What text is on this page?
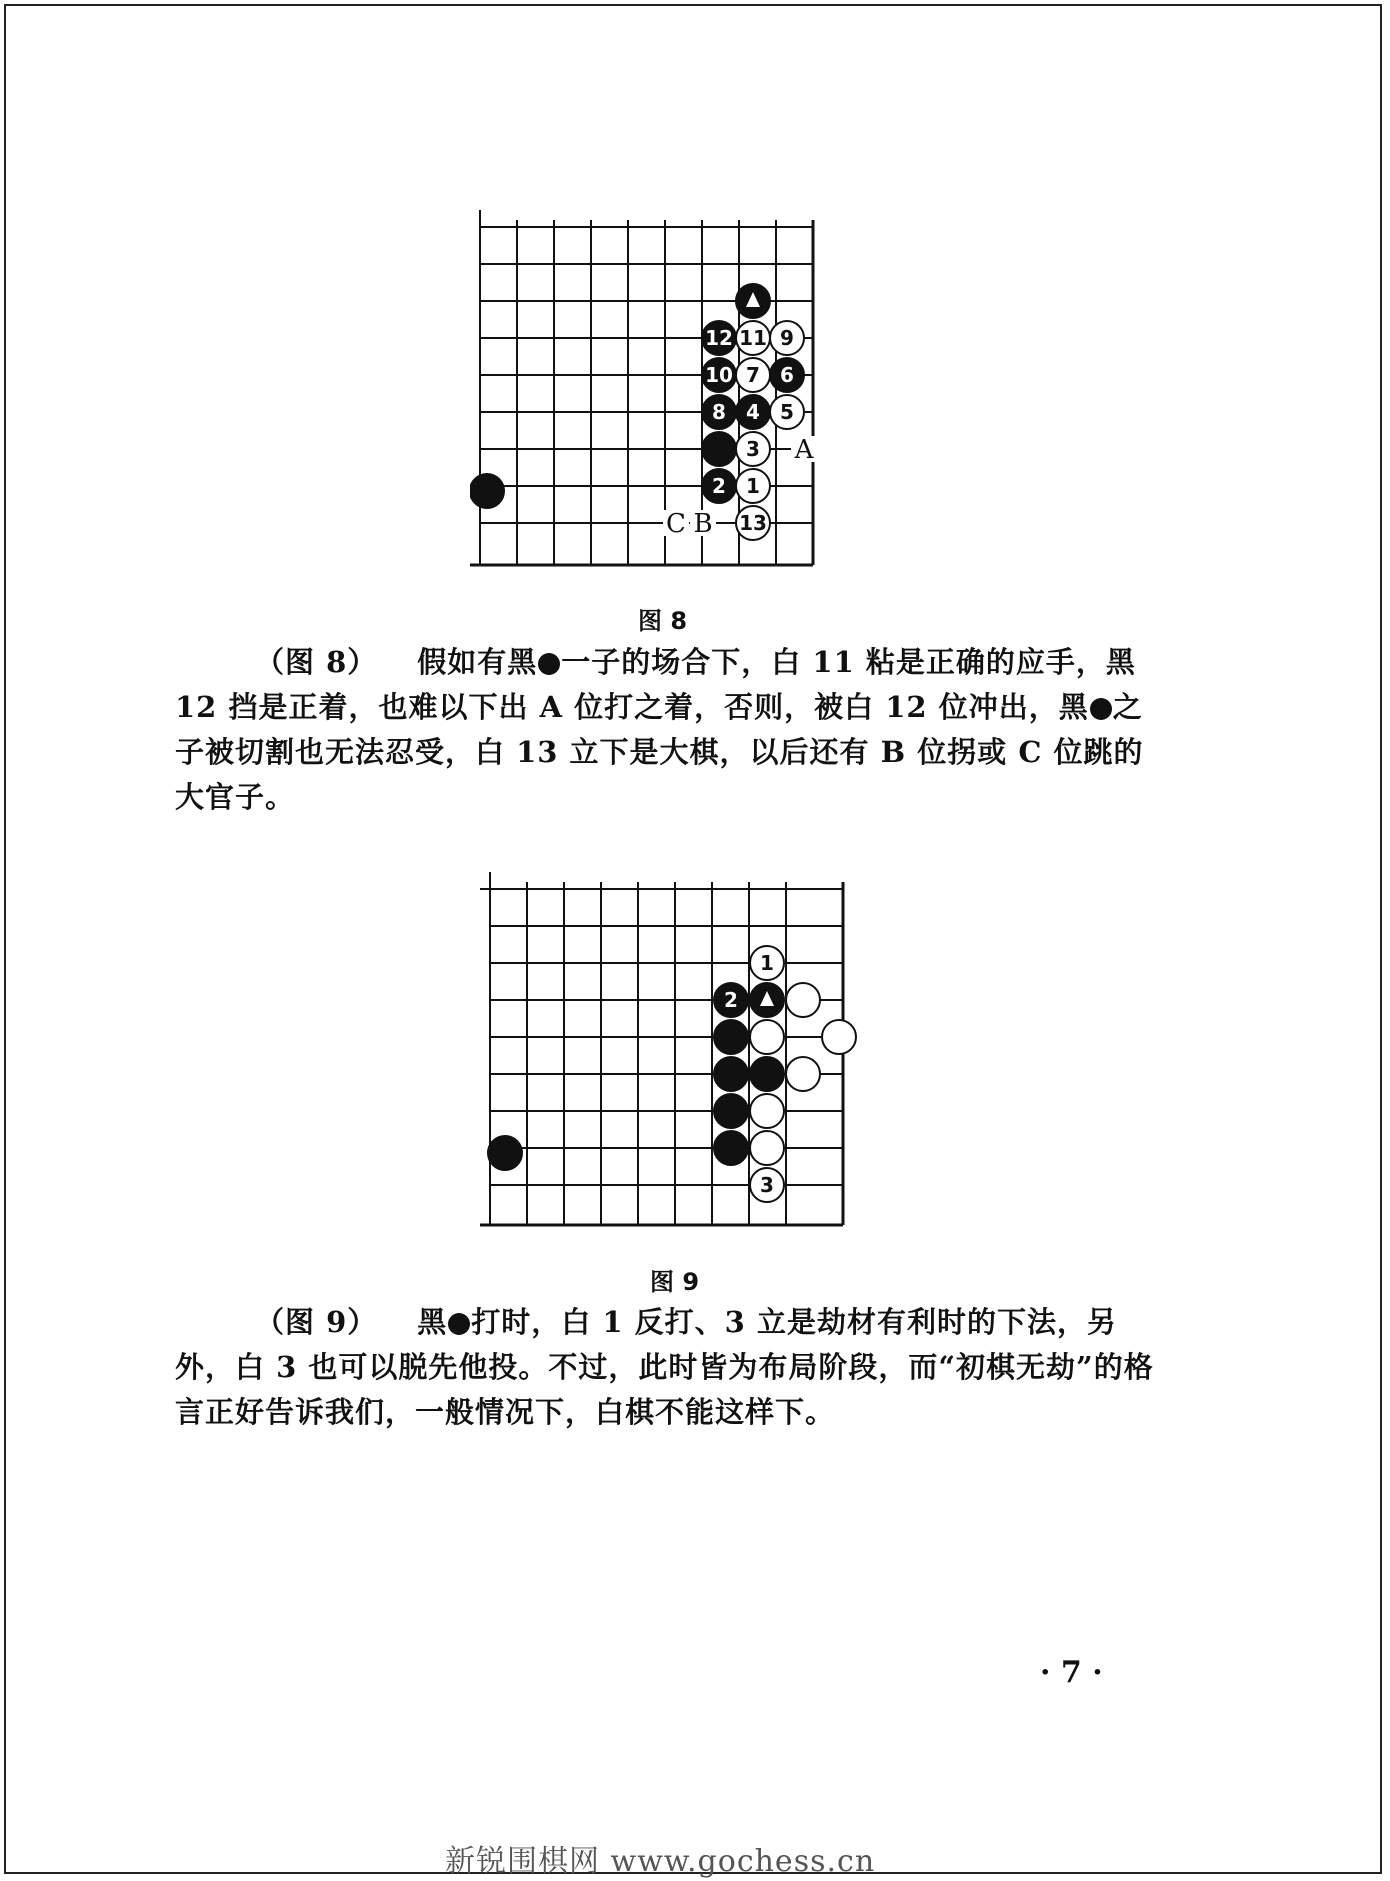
12 11 9
10 7 6
8 4 5
3
2 1
13
A
B
C
图 8
（图 8） 假如有黑 一子的场合下，白 11 粘是正确的应手，黑 12 挡是正着，也难以下出 A 位打之着，否则，被白 12 位冲出，黑 之子被切割也无法忍受，白 13 立下是大棋，以后还有 B 位拐或 C 位跳的大官子。
1
2
3
图 9
（图 9） 黑 打时，白 1 反打、3 立是劫材有利时的下法，另外，白 3 也可以脱先他投。不过，此时皆为布局阶段，而“初棋无劫”的格言正好告诉我们，一般情况下，白棋不能这样下。
· 7 ·
新锐围棋网 www.gochess.cn
